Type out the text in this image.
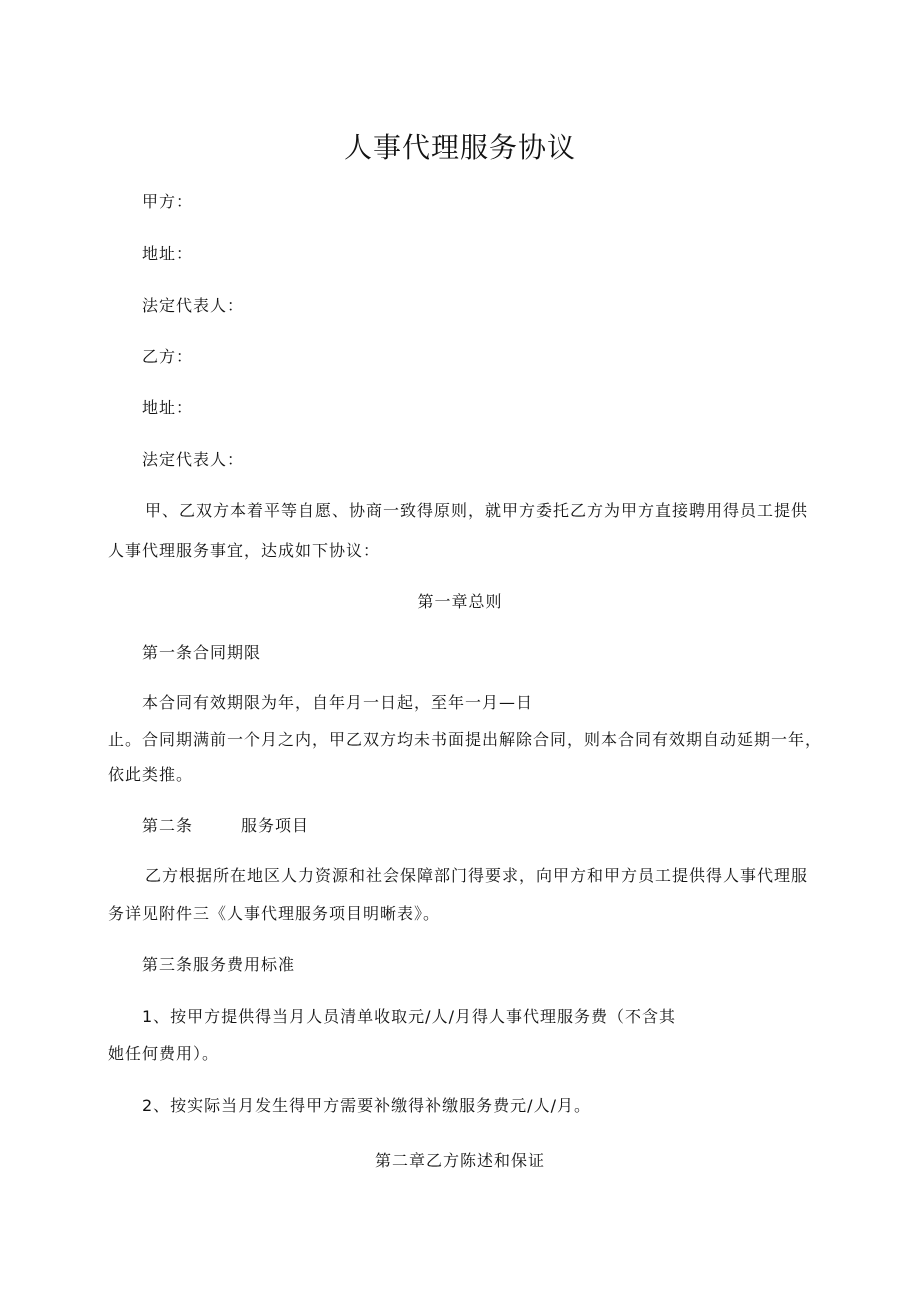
人事代理服务协议
甲方：
地址：
法定代表人：
乙方：
地址：
法定代表人：
甲、乙双方本着平等自愿、协商一致得原则，就甲方委托乙方为甲方直接聘用得员工提供
人事代理服务事宜，达成如下协议：
第一章总则
第一条合同期限
本合同有效期限为年，自年月一日起，至年一月—日
止。合同期满前一个月之内，甲乙双方均未书面提出解除合同，则本合同有效期自动延期一年，
依此类推。
第二条	服务项目
乙方根据所在地区人力资源和社会保障部门得要求，向甲方和甲方员工提供得人事代理服
务详见附件三《人事代理服务项目明晰表》。
第三条服务费用标准
1、按甲方提供得当月人员清单收取元/人/月得人事代理服务费（不含其
她任何费用）。
2、按实际当月发生得甲方需要补缴得补缴服务费元/人/月。
第二章乙方陈述和保证
